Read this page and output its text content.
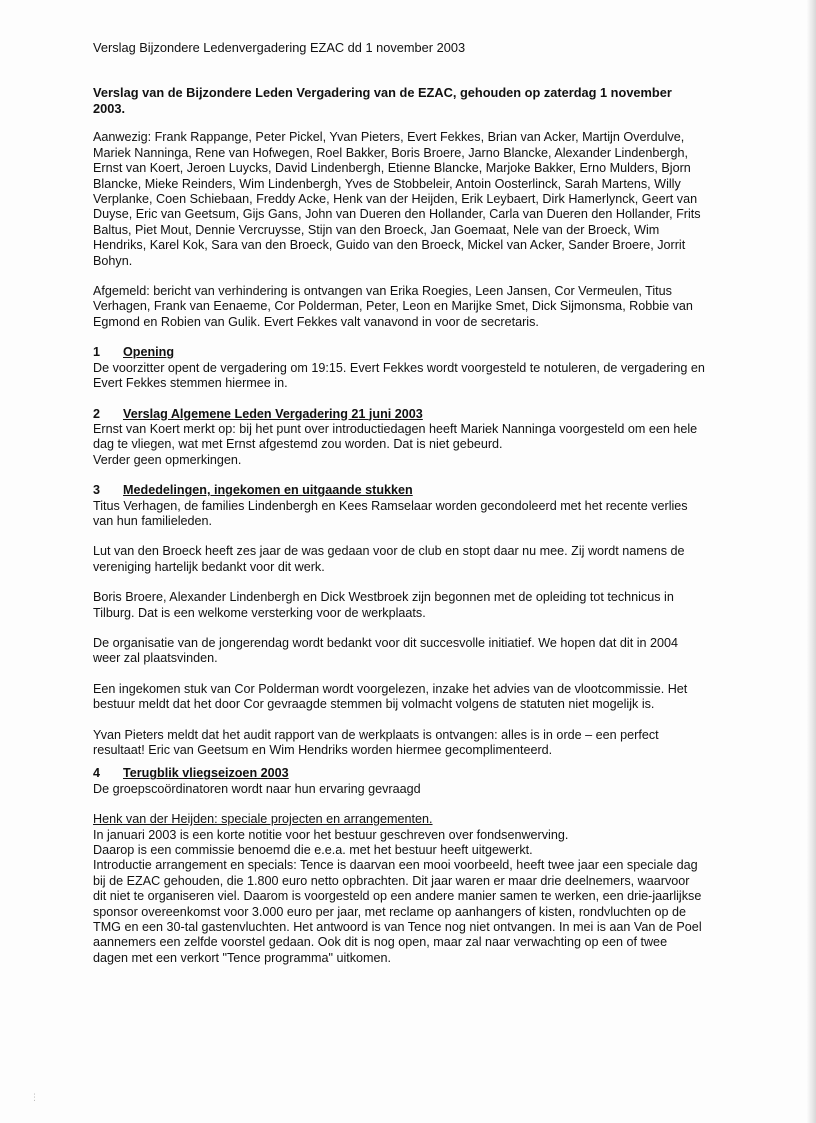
Verslag Bijzondere Ledenvergadering EZAC dd 1 november 2003
Verslag van de Bijzondere Leden Vergadering van de EZAC, gehouden op zaterdag 1 november 2003.

Aanwezig: Frank Rappange, Peter Pickel, Yvan Pieters, Evert Fekkes, Brian van Acker, Martijn Overdulve, Mariek Nanninga, Rene van Hofwegen, Roel Bakker, Boris Broere, Jarno Blancke, Alexander Lindenbergh, Ernst van Koert, Jeroen Luycks, David Lindenbergh, Etienne Blancke, Marjoke Bakker, Erno Mulders, Bjorn Blancke, Mieke Reinders, Wim Lindenbergh, Yves de Stobbeleir, Antoin Oosterlinck, Sarah Martens, Willy Verplanke, Coen Schiebaan, Freddy Acke, Henk van der Heijden, Erik Leybaert, Dirk Hamerlynck, Geert van Duyse, Eric van Geetsum, Gijs Gans, John van Dueren den Hollander, Carla van Dueren den Hollander, Frits Baltus, Piet Mout, Dennie Vercruysse, Stijn van den Broeck, Jan Goemaat, Nele van der Broeck, Wim Hendriks, Karel Kok, Sara van den Broeck, Guido van den Broeck, Mickel van Acker, Sander Broere, Jorrit Bohyn.

Afgemeld: bericht van verhindering is ontvangen van Erika Roegies, Leen Jansen, Cor Vermeulen, Titus Verhagen, Frank van Eenaeme, Cor Polderman, Peter, Leon en Marijke Smet, Dick Sijmonsma, Robbie van Egmond en Robien van Gulik. Evert Fekkes valt vanavond in voor de secretaris.

1	Opening

De voorzitter opent de vergadering om 19:15. Evert Fekkes wordt voorgesteld te notuleren, de vergadering en Evert Fekkes stemmen hiermee in.

2	Verslag Algemene Leden Vergadering 21 juni 2003

Ernst van Koert merkt op: bij het punt over introductiedagen heeft Mariek Nanninga voorgesteld om een hele dag te vliegen, wat met Ernst afgestemd zou worden. Dat is niet gebeurd.

Verder geen opmerkingen.

3	Mededelingen, ingekomen en uitgaande stukken

Titus Verhagen, de families Lindenbergh en Kees Ramselaar worden gecondoleerd met het recente verlies van hun familieleden.

Lut van den Broeck heeft zes jaar de was gedaan voor de club en stopt daar nu mee. Zij wordt namens de vereniging hartelijk bedankt voor dit werk.

Boris Broere, Alexander Lindenbergh en Dick Westbroek zijn begonnen met de opleiding tot technicus in Tilburg. Dat is een welkome versterking voor de werkplaats.

De organisatie van de jongerendag wordt bedankt voor dit succesvolle initiatief. We hopen dat dit in 2004 weer zal plaatsvinden.

Een ingekomen stuk van Cor Polderman wordt voorgelezen, inzake het advies van de vlootcommissie. Het bestuur meldt dat het door Cor gevraagde stemmen bij volmacht volgens de statuten niet mogelijk is.

Yvan Pieters meldt dat het audit rapport van de werkplaats is ontvangen: alles is in orde – een perfect resultaat! Eric van Geetsum en Wim Hendriks worden hiermee gecomplimenteerd.

4	Terugblik vliegseizoen 2003

De groepscoördinatoren wordt naar hun ervaring gevraagd

Henk van der Heijden: speciale projecten en arrangementen.

In januari 2003 is een korte notitie voor het bestuur geschreven over fondsenwerving.

Daarop is een commissie benoemd die e.e.a. met het bestuur heeft uitgewerkt.

Introductie arrangement en specials: Tence is daarvan een mooi voorbeeld, heeft twee jaar een speciale dag bij de EZAC gehouden, die 1.800 euro netto opbrachten. Dit jaar waren er maar drie deelnemers, waarvoor dit niet te organiseren viel. Daarom is voorgesteld op een andere manier samen te werken, een drie-jaarlijkse sponsor overeenkomst voor 3.000 euro per jaar, met reclame op aanhangers of kisten, rondvluchten op de TMG en een 30-tal gastenvluchten. Het antwoord is van Tence nog niet ontvangen. In mei is aan Van de Poel aannemers een zelfde voorstel gedaan. Ook dit is nog open, maar zal naar verwachting op een of twee dagen met een verkort "Tence programma" uitkomen.

⋮
